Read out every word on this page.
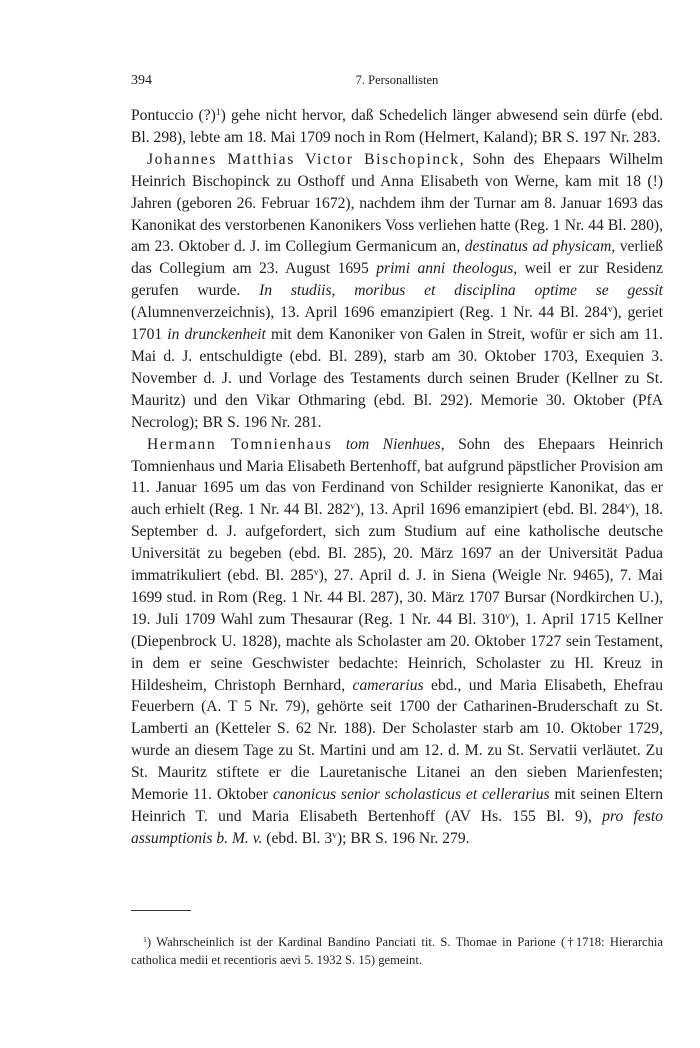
394	7. Personallisten

Pontuccio (?)$^1$) gehe nicht hervor, daß Schedelich länger abwesend sein dürfe (ebd. Bl. 298), lebte am 18. Mai 1709 noch in Rom (Helmert, Kaland); BR S. 197 Nr. 283.

Johannes Matthias Victor Bischopinck, Sohn des Ehepaars Wilhelm Heinrich Bischopinck zu Osthoff und Anna Elisabeth von Werne, kam mit 18 (!) Jahren (geboren 26. Februar 1672), nachdem ihm der Turnar am 8. Januar 1693 das Kanonikat des verstorbenen Kanonikers Voss verliehen hatte (Reg. 1 Nr. 44 Bl. 280), am 23. Oktober d. J. im Collegium Germanicum an, destinatus ad physicam, verließ das Collegium am 23. August 1695 primi anni theologus, weil er zur Residenz gerufen wurde. In studiis, moribus et disciplina optime se gessit (Alumnenverzeichnis), 13. April 1696 emanzipiert (Reg. 1 Nr. 44 Bl. 284$^v$), geriet 1701 in drunckenheit mit dem Kanoniker von Galen in Streit, wofür er sich am 11. Mai d. J. entschuldigte (ebd. Bl. 289), starb am 30. Oktober 1703, Exequien 3. November d. J. und Vorlage des Testaments durch seinen Bruder (Kellner zu St. Mauritz) und den Vikar Othmaring (ebd. Bl. 292). Memorie 30. Oktober (PfA Necrolog); BR S. 196 Nr. 281.

Hermann Tomnienhaus tom Nienhues, Sohn des Ehepaars Heinrich Tomnienhaus und Maria Elisabeth Bertenhoff, bat aufgrund päpstlicher Provision am 11. Januar 1695 um das von Ferdinand von Schilder resignierte Kanonikat, das er auch erhielt (Reg. 1 Nr. 44 Bl. 282$^v$), 13. April 1696 emanzipiert (ebd. Bl. 284$^v$), 18. September d. J. aufgefordert, sich zum Studium auf eine katholische deutsche Universität zu begeben (ebd. Bl. 285), 20. März 1697 an der Universität Padua immatrikuliert (ebd. Bl. 285$^v$), 27. April d. J. in Siena (Weigle Nr. 9465), 7. Mai 1699 stud. in Rom (Reg. 1 Nr. 44 Bl. 287), 30. März 1707 Bursar (Nordkirchen U.), 19. Juli 1709 Wahl zum Thesaurar (Reg. 1 Nr. 44 Bl. 310$^v$), 1. April 1715 Kellner (Diepenbrock U. 1828), machte als Scholaster am 20. Oktober 1727 sein Testament, in dem er seine Geschwister bedachte: Heinrich, Scholaster zu Hl. Kreuz in Hildesheim, Christoph Bernhard, camerarius ebd., und Maria Elisabeth, Ehefrau Feuerbern (A. T 5 Nr. 79), gehörte seit 1700 der Catharinen-Bruderschaft zu St. Lamberti an (Ketteler S. 62 Nr. 188). Der Scholaster starb am 10. Oktober 1729, wurde an diesem Tage zu St. Martini und am 12. d. M. zu St. Servatii verläutet. Zu St. Mauritz stiftete er die Lauretanische Litanei an den sieben Marienfesten; Memorie 11. Oktober canonicus senior scholasticus et cellerarius mit seinen Eltern Heinrich T. und Maria Elisabeth Bertenhoff (AV Hs. 155 Bl. 9), pro festo assumptionis b. M. v. (ebd. Bl. 3$^v$); BR S. 196 Nr. 279.

$^1$) Wahrscheinlich ist der Kardinal Bandino Panciati tit. S. Thomae in Parione (†1718: Hierarchia catholica medii et recentioris aevi 5. 1932 S. 15) gemeint.
